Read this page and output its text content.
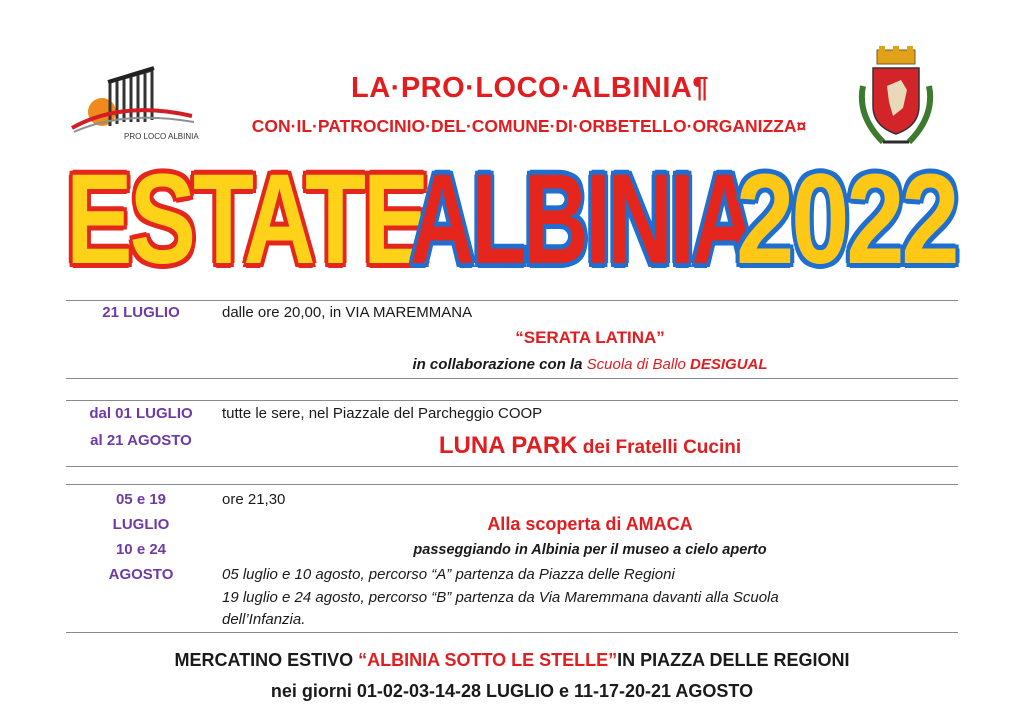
PRO LOCO ALBINIA
LA·PRO·LOCO·ALBINIA¶
CON·IL·PATROCINIO·DEL·COMUNE·DI·ORBETELLO·ORGANIZZA¤
ESTATE
ALBINIA
2022
21 LUGLIO	dalle ore 20,00, in VIA MAREMMANA
“SERATA LATINA”
in collaborazione con la Scuola di Ballo DESIGUAL
dal 01 LUGLIO
al 21 AGOSTO
tutte le sere, nel Piazzale del Parcheggio COOP
LUNA PARK dei Fratelli Cucini
05 e 19
LUGLIO
10 e 24
AGOSTO
ore 21,30
Alla scoperta di AMACA
passeggiando in Albinia per il museo a cielo aperto
05 luglio e 10 agosto, percorso “A” partenza da Piazza delle Regioni
19 luglio e 24 agosto, percorso “B” partenza da Via Maremmana davanti alla Scuola
dell’Infanzia.
MERCATINO ESTIVO “ALBINIA SOTTO LE STELLE”IN PIAZZA DELLE REGIONI
nei giorni 01-02-03-14-28 LUGLIO e 11-17-20-21 AGOSTO
